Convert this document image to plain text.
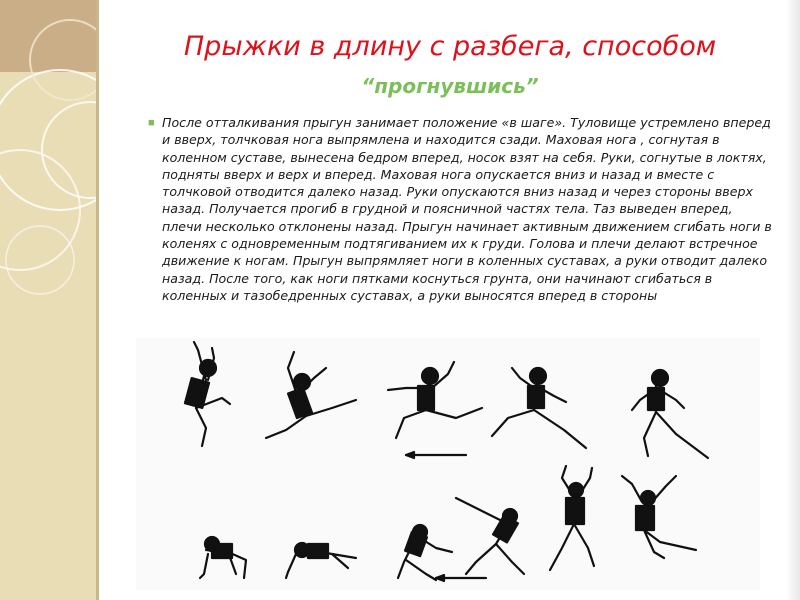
Прыжки в длину с разбега, способом “прогнувшись”
■ После отталкивания прыгун занимает положение «в шаге». Туловище устремлено вперед и вверх, толчковая нога выпрямлена и находится сзади. Маховая нога , согнутая в коленном суставе, вынесена бедром вперед, носок взят на себя. Руки, согнутые в локтях, подняты вверх и верх и вперед. Маховая нога опускается вниз и назад и вместе с толчковой отводится далеко назад. Руки опускаются вниз назад и через стороны вверх назад. Получается прогиб в грудной и поясничной частях тела. Таз выведен вперед, плечи несколько отклонены назад. Прыгун начинает активным движением сгибать ноги в коленях с одновременным подтягиванием их к груди. Голова и плечи делают встречное движение к ногам. Прыгун выпрямляет ноги в коленных суставах, а руки отводит далеко назад. После того, как ноги пятками коснуться грунта, они начинают сгибаться в коленных и тазобедренных суставах, а руки выносятся вперед в стороны
